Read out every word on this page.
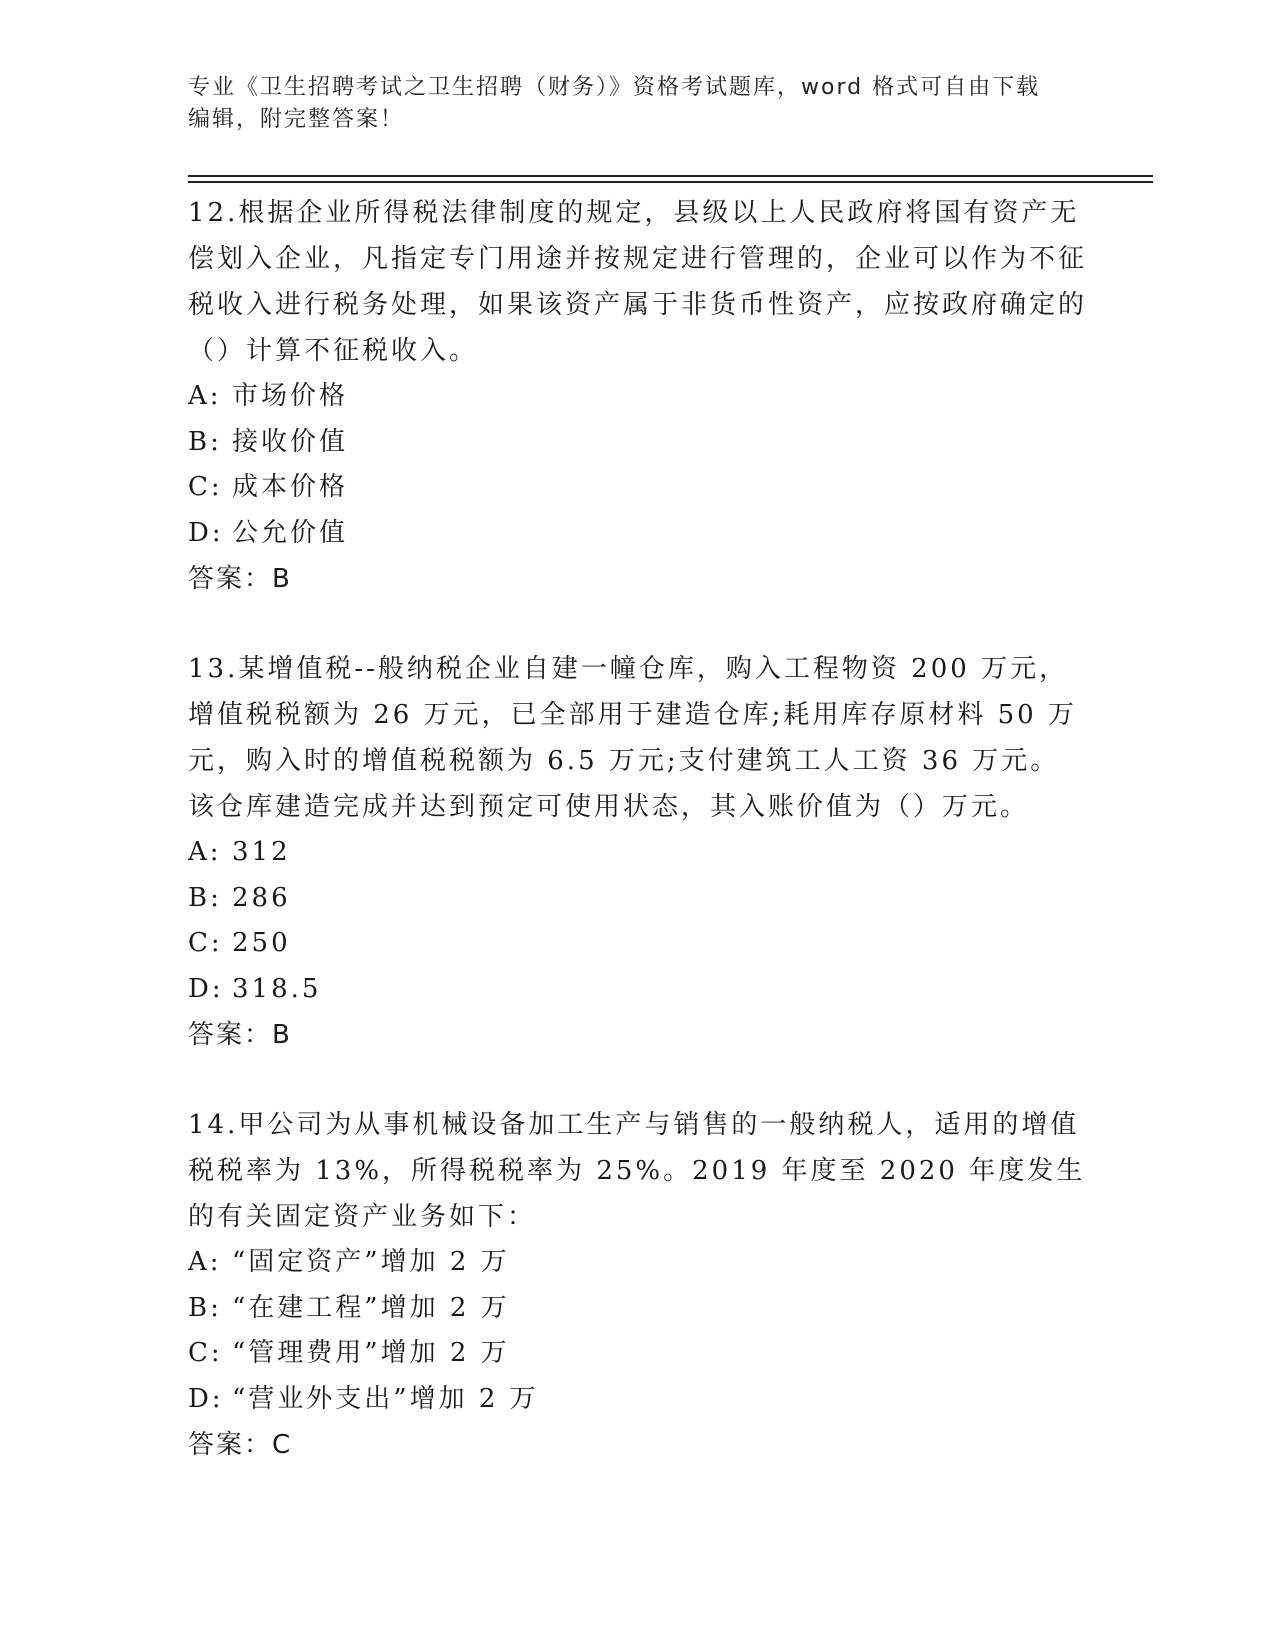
专业《卫生招聘考试之卫生招聘（财务）》资格考试题库，word 格式可自由下载
编辑，附完整答案！

12.根据企业所得税法律制度的规定，县级以上人民政府将国有资产无偿划入企业，凡指定专门用途并按规定进行管理的，企业可以作为不征税收入进行税务处理，如果该资产属于非货币性资产，应按政府确定的（）计算不征税收入。

A: 市场价格
B: 接收价值
C: 成本价格
D: 公允价值

答案：B

13.某增值税--般纳税企业自建一幢仓库，购入工程物资 200 万元，增值税税额为 26 万元，已全部用于建造仓库;耗用库存原材料 50 万元，购入时的增值税税额为 6.5 万元;支付建筑工人工资 36 万元。该仓库建造完成并达到预定可使用状态，其入账价值为（）万元。

A: 312
B: 286
C: 250
D: 318.5

答案：B

14.甲公司为从事机械设备加工生产与销售的一般纳税人，适用的增值税税率为 13%，所得税税率为 25%。2019 年度至 2020 年度发生的有关固定资产业务如下：

A: “固定资产”增加 2 万
B: “在建工程”增加 2 万
C: “管理费用”增加 2 万
D: “营业外支出”增加 2 万

答案：C
